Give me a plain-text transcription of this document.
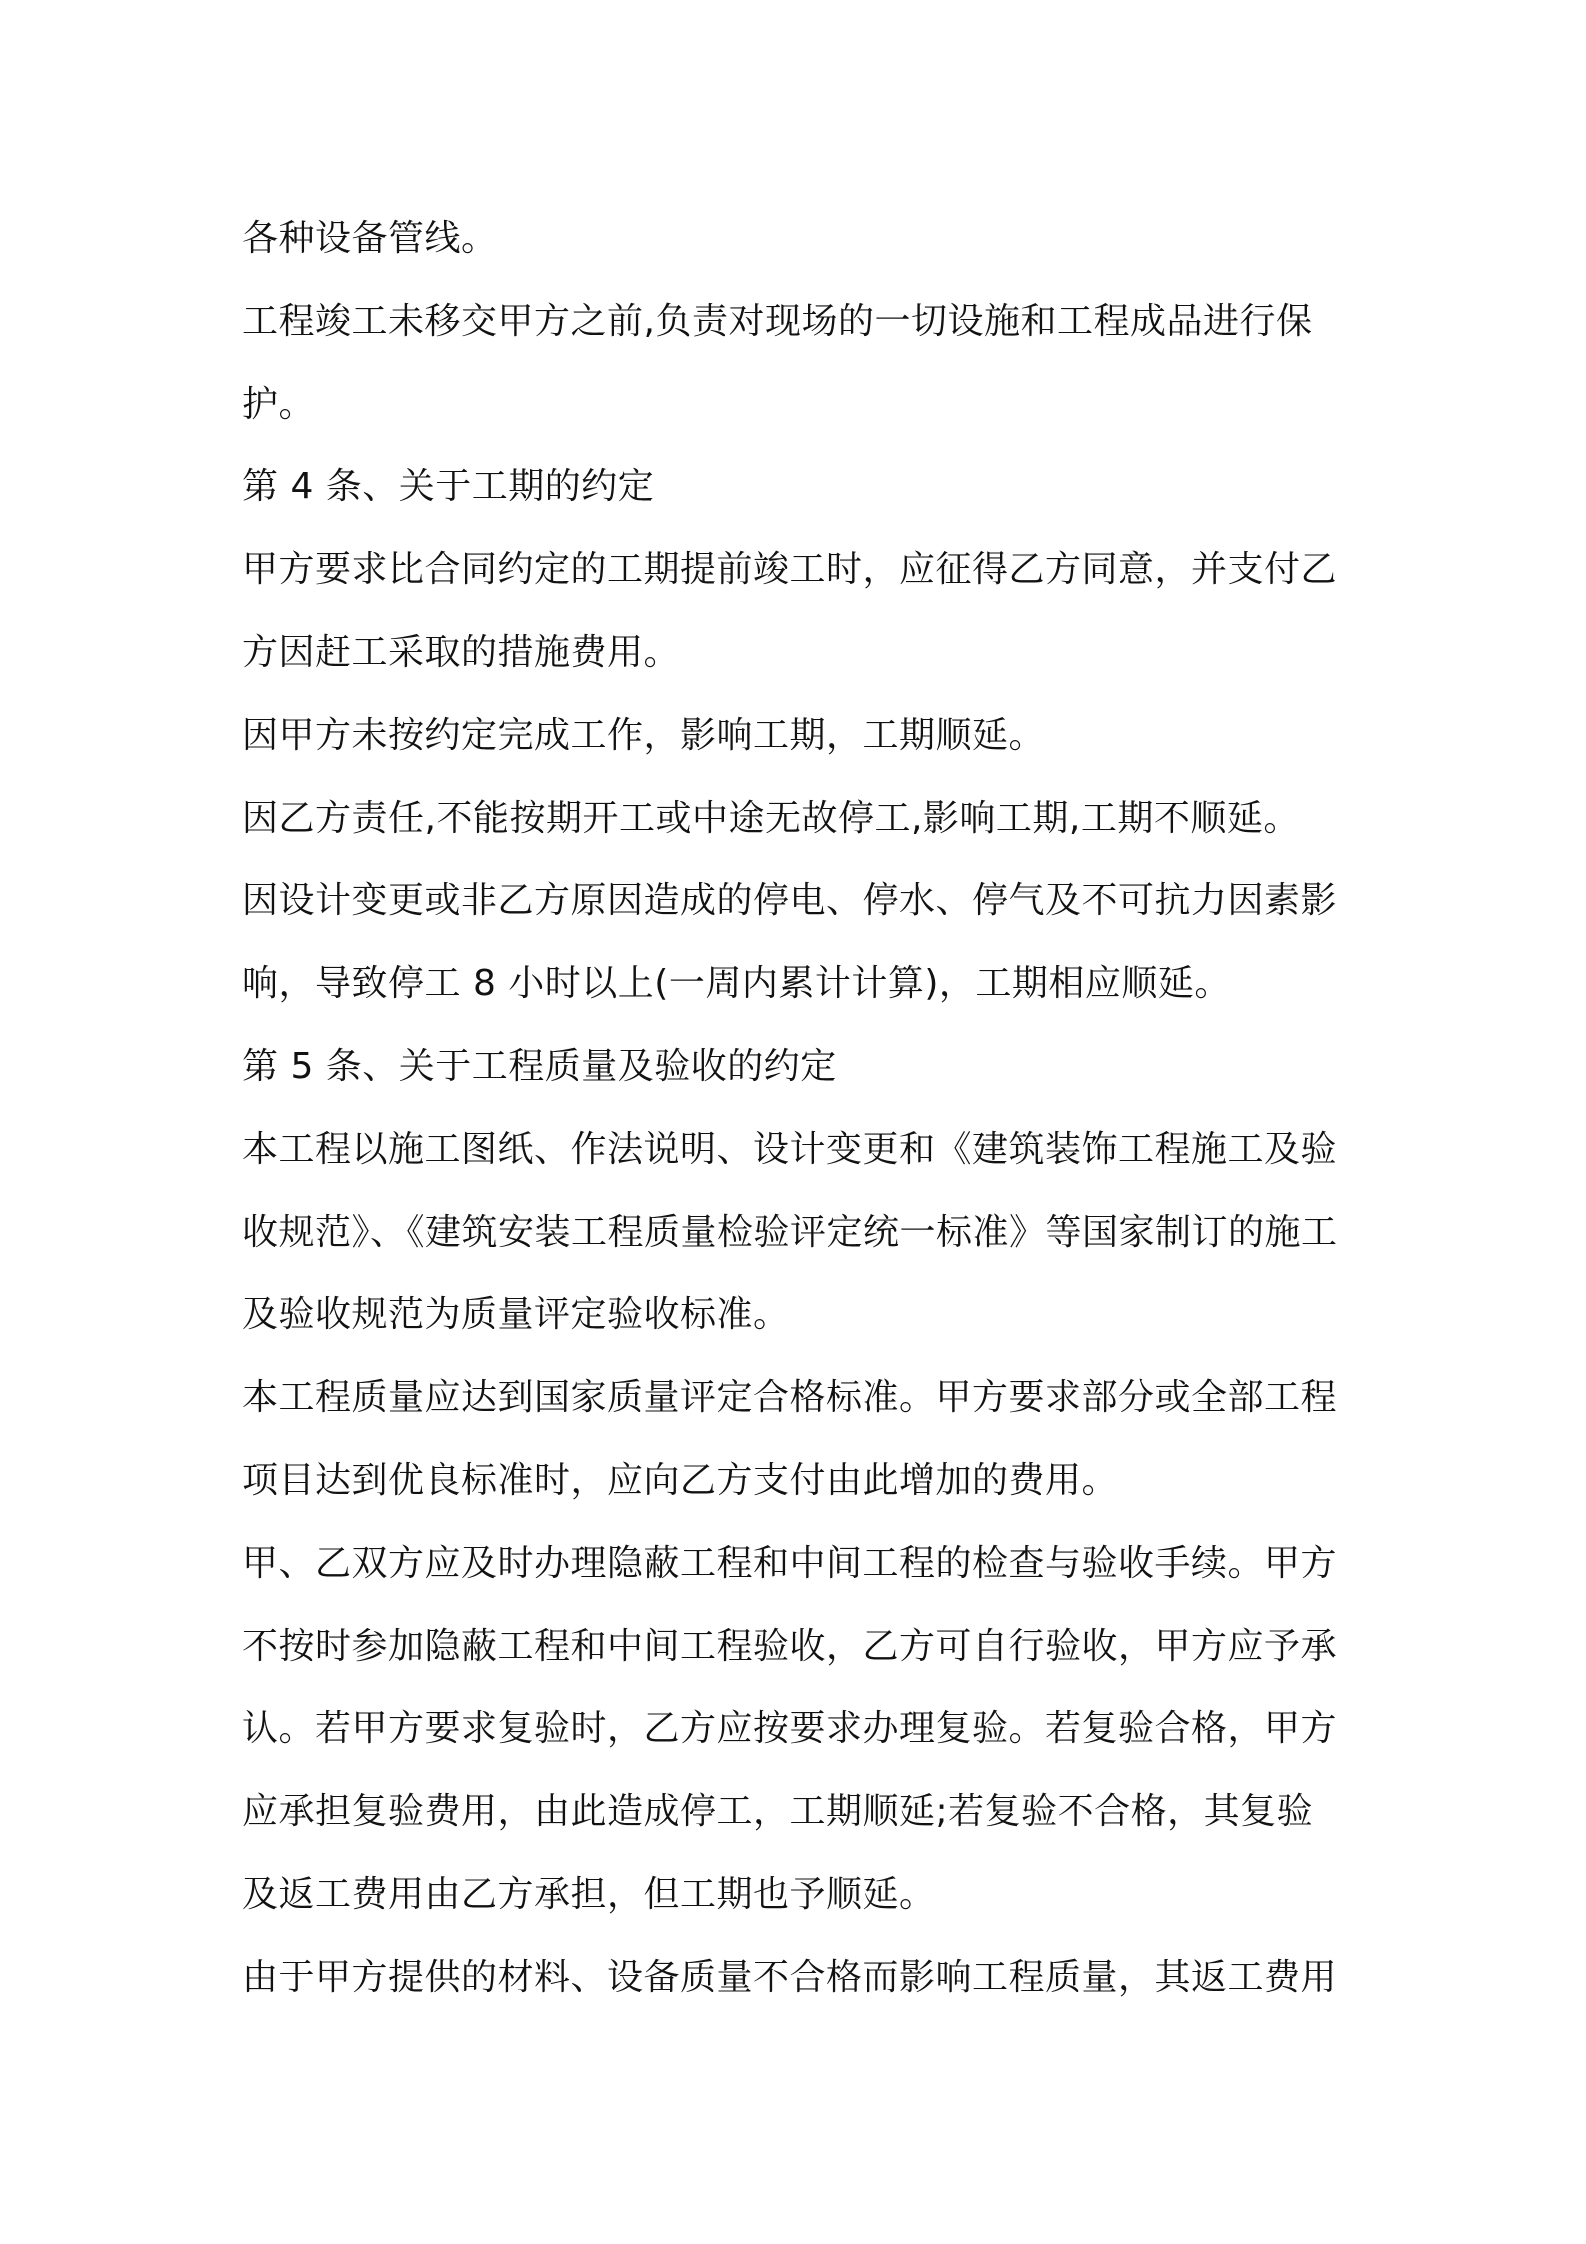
各种设备管线。
工程竣工未移交甲方之前,负责对现场的一切设施和工程成品进行保
护。
第 4 条、关于工期的约定
甲方要求比合同约定的工期提前竣工时，应征得乙方同意，并支付乙
方因赶工采取的措施费用。
因甲方未按约定完成工作，影响工期，工期顺延。
因乙方责任,不能按期开工或中途无故停工,影响工期,工期不顺延。
因设计变更或非乙方原因造成的停电、停水、停气及不可抗力因素影
响，导致停工 8 小时以上(一周内累计计算)，工期相应顺延。
第 5 条、关于工程质量及验收的约定
本工程以施工图纸、作法说明、设计变更和《建筑装饰工程施工及验
收规范》、《建筑安装工程质量检验评定统一标准》等国家制订的施工
及验收规范为质量评定验收标准。
本工程质量应达到国家质量评定合格标准。甲方要求部分或全部工程
项目达到优良标准时，应向乙方支付由此增加的费用。
甲、乙双方应及时办理隐蔽工程和中间工程的检查与验收手续。甲方
不按时参加隐蔽工程和中间工程验收，乙方可自行验收，甲方应予承
认。若甲方要求复验时，乙方应按要求办理复验。若复验合格，甲方
应承担复验费用，由此造成停工，工期顺延;若复验不合格，其复验
及返工费用由乙方承担，但工期也予顺延。
由于甲方提供的材料、设备质量不合格而影响工程质量，其返工费用
